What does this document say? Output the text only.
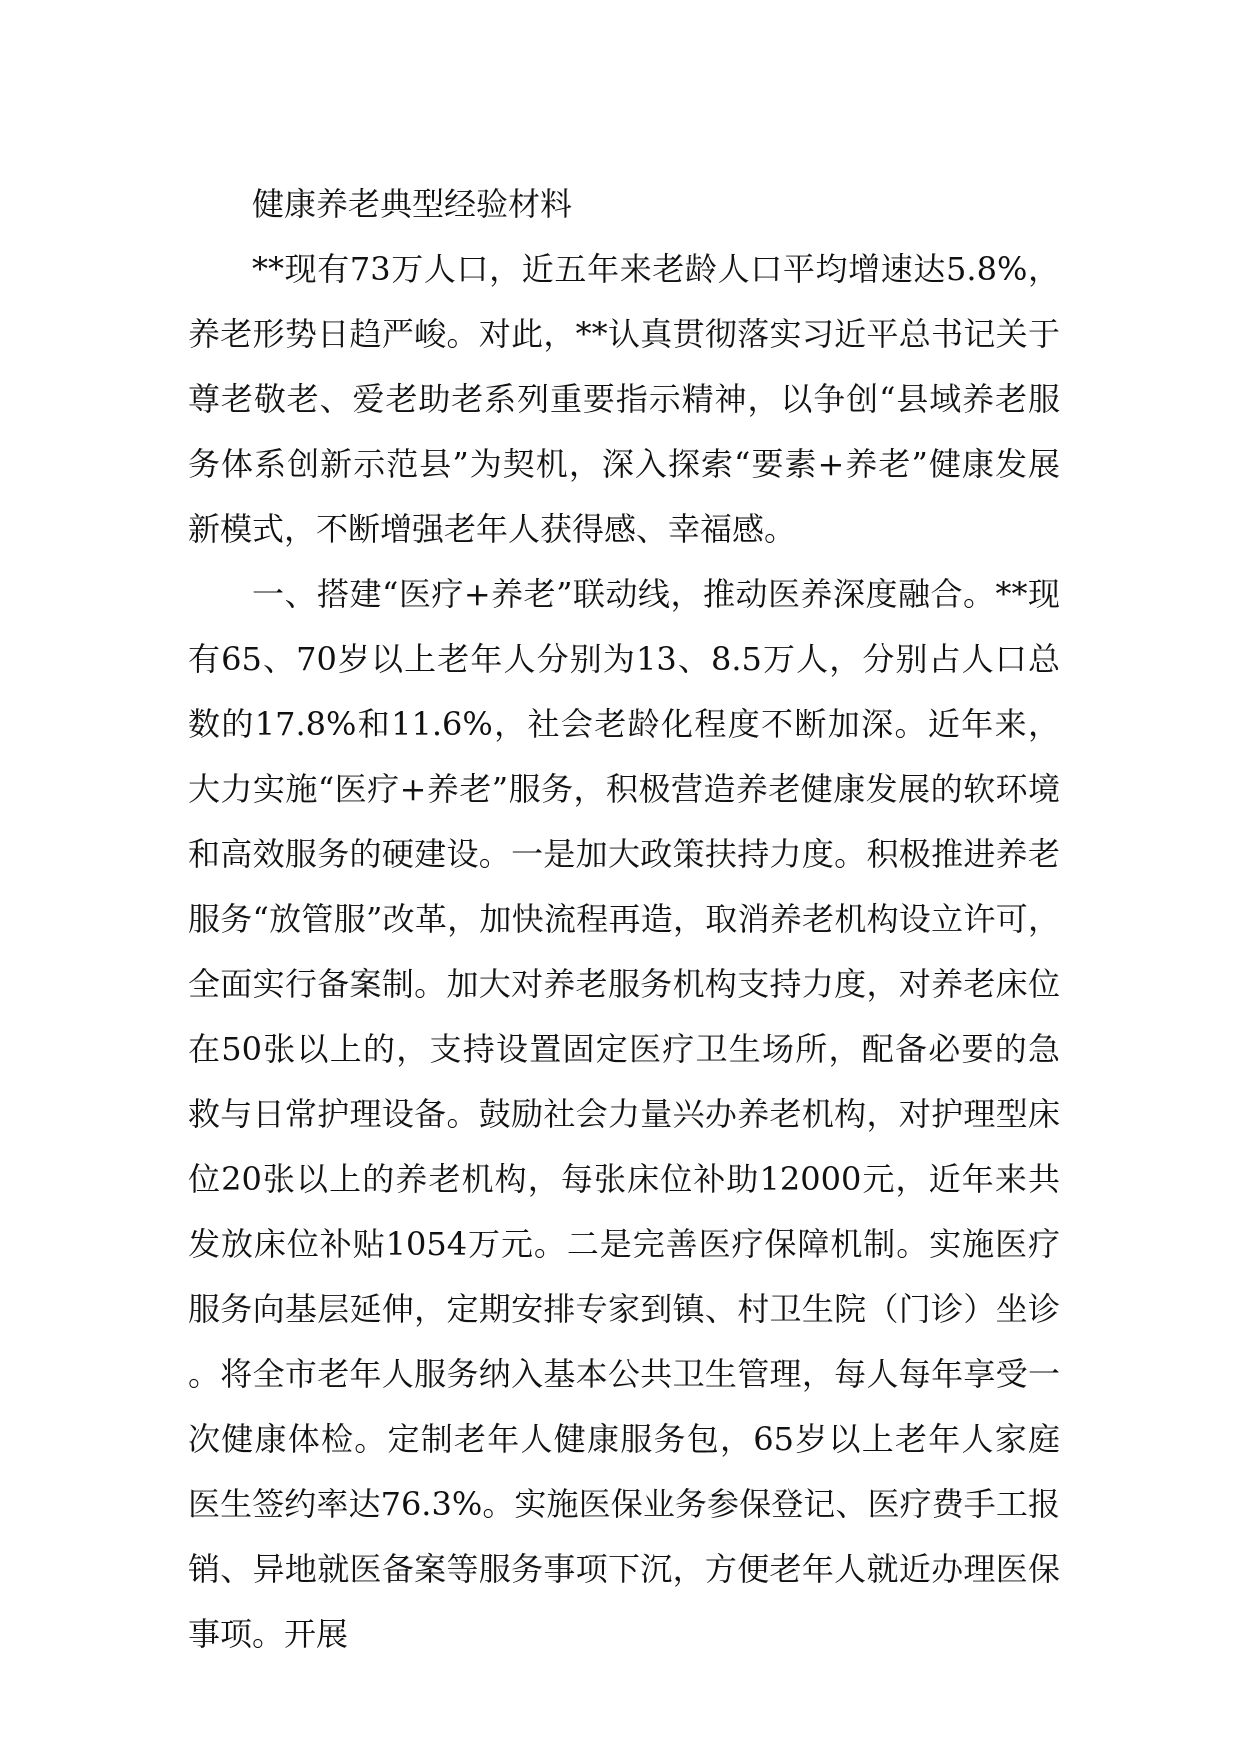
健康养老典型经验材料

**现有73万人口，近五年来老龄人口平均增速达5.8%，养老形势日趋严峻。对此，**认真贯彻落实习近平总书记关于尊老敬老、爱老助老系列重要指示精神，以争创“县域养老服务体系创新示范县”为契机，深入探索“要素+养老”健康发展新模式，不断增强老年人获得感、幸福感。

一、搭建“医疗+养老”联动线，推动医养深度融合。**现有65、70岁以上老年人分别为13、8.5万人，分别占人口总数的17.8%和11.6%，社会老龄化程度不断加深。近年来，大力实施“医疗+养老”服务，积极营造养老健康发展的软环境和高效服务的硬建设。一是加大政策扶持力度。积极推进养老服务“放管服”改革，加快流程再造，取消养老机构设立许可，全面实行备案制。加大对养老服务机构支持力度，对养老床位在50张以上的，支持设置固定医疗卫生场所，配备必要的急救与日常护理设备。鼓励社会力量兴办养老机构，对护理型床位20张以上的养老机构，每张床位补助12000元，近年来共发放床位补贴1054万元。二是完善医疗保障机制。实施医疗服务向基层延伸，定期安排专家到镇、村卫生院（门诊）坐诊。将全市老年人服务纳入基本公共卫生管理，每人每年享受一次健康体检。定制老年人健康服务包，65岁以上老年人家庭医生签约率达76.3%。实施医保业务参保登记、医疗费手工报销、异地就医备案等服务事项下沉，方便老年人就近办理医保事项。开展
